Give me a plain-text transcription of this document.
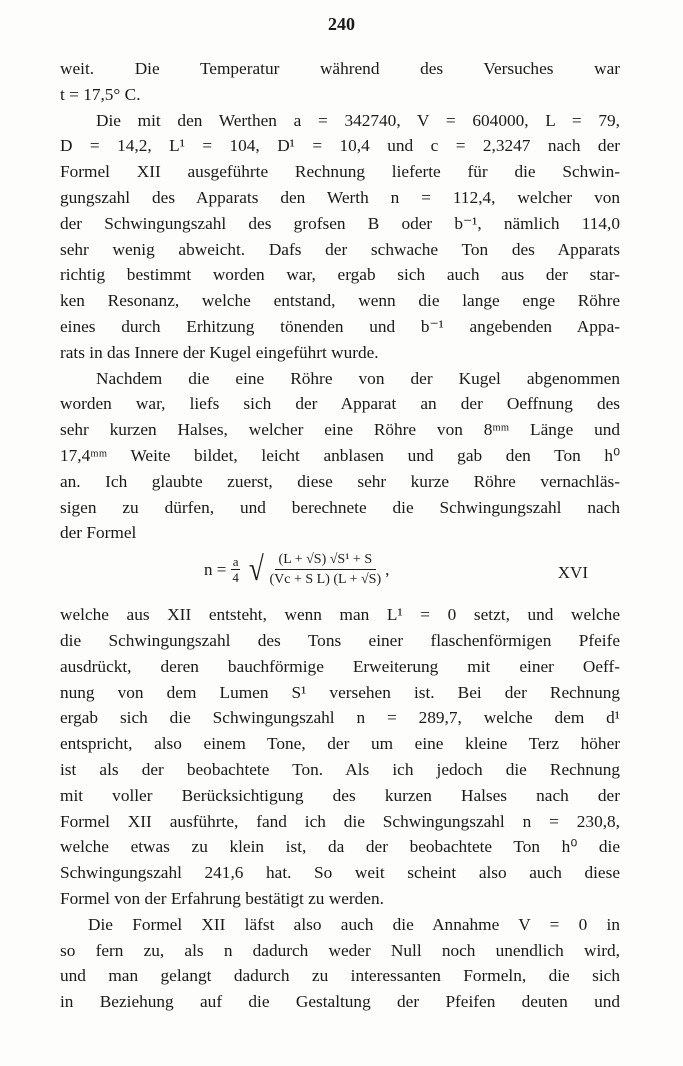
240
weit. Die Temperatur während des Versuches war
t = 17,5° C.
Die mit den Werthen a = 342740, V = 604000, L = 79,
D = 14,2, L¹ = 104, D¹ = 10,4 und c = 2,3247 nach der
Formel XII ausgeführte Rechnung lieferte für die Schwin-
gungszahl des Apparats den Werth n = 112,4, welcher von
der Schwingungszahl des grofsen B oder b⁻¹, nämlich 114,0
sehr wenig abweicht. Dafs der schwache Ton des Apparats
richtig bestimmt worden war, ergab sich auch aus der star-
ken Resonanz, welche entstand, wenn die lange enge Röhre
eines durch Erhitzung tönenden und b⁻¹ angebenden Appa-
rats in das Innere der Kugel eingeführt wurde.
Nachdem die eine Röhre von der Kugel abgenommen
worden war, liefs sich der Apparat an der Oeffnung des
sehr kurzen Halses, welcher eine Röhre von 8ᵐᵐ Länge und
17,4ᵐᵐ Weite bildet, leicht anblasen und gab den Ton h⁰
an. Ich glaubte zuerst, diese sehr kurze Röhre vernachläs-
sigen zu dürfen, und berechnete die Schwingungszahl nach
der Formel
$n = \frac{a}{4}$ √ $\frac{\text{(L + √S) √S¹ + S}}{\text{(Vc + S L) (L + √S)}}$ ,	XVI
welche aus XII entsteht, wenn man L¹ = 0 setzt, und welche
die Schwingungszahl des Tons einer flaschenförmigen Pfeife
ausdrückt, deren bauchförmige Erweiterung mit einer Oeff-
nung von dem Lumen S¹ versehen ist. Bei der Rechnung
ergab sich die Schwingungszahl n = 289,7, welche dem d¹
entspricht, also einem Tone, der um eine kleine Terz höher
ist als der beobachtete Ton. Als ich jedoch die Rechnung
mit voller Berücksichtigung des kurzen Halses nach der
Formel XII ausführte, fand ich die Schwingungszahl n = 230,8,
welche etwas zu klein ist, da der beobachtete Ton h⁰ die
Schwingungszahl 241,6 hat. So weit scheint also auch diese
Formel von der Erfahrung bestätigt zu werden.
Die Formel XII läfst also auch die Annahme V = 0 in
so fern zu, als n dadurch weder Null noch unendlich wird,
und man gelangt dadurch zu interessanten Formeln, die sich
in Beziehung auf die Gestaltung der Pfeifen deuten und
